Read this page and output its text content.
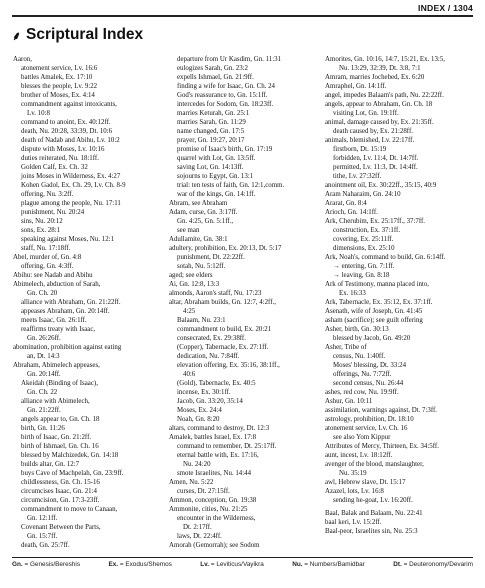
INDEX / 1304
⸙ Scriptural Index
Aaron,
atonement service, Lv. 16:6
battles Amalek, Ex. 17:10
blesses the people, Lv. 9:22
brother of Moses, Ex. 4:14
commandment against intoxicants,
Lv. 10:8
command to anoint, Ex. 40:12ff.
death, Nu. 20:28, 33:39, Dt. 10:6
death of Nadab and Abihu, Lv. 10:2
dispute with Moses, Lv. 10:16
duties reiterated, Nu. 18:1ff.
Golden Calf, Ex. Ch. 32
joins Moses in Wilderness, Ex. 4:27
Kohen Gadol, Ex. Ch. 29, Lv. Ch. 8-9
offering, Nu. 3:2ff.
plague among the people, Nu. 17:11
punishment, Nu. 20:24
sins, Nu. 20:12
sons, Ex. 28:1
speaking against Moses, Nu. 12:1
staff, Nu. 17:18ff.
Abel, murder of, Gn. 4:8
offering, Gn. 4:3ff.
Abihu: see Nadab and Abihu
Abimelech, abduction of Sarah,
Gn. Ch. 20
alliance with Abraham, Gn. 21:22ff.
appeases Abraham, Gn. 20:14ff.
meets Isaac, Gn. 26:1ff.
reaffirms treaty with Isaac,
Gn. 26:26ff.
abomination, prohibition against eating
an, Dt. 14:3
Abraham, Abimelech appeases,
Gn. 20:14ff.
Akeidah (Binding of Isaac),
Gn. Ch. 22
alliance with Abimelech,
Gn. 21:22ff.
angels appear to, Gn. Ch. 18
birth, Gn. 11:26
birth of Isaac, Gn. 21:2ff.
birth of Ishmael, Gn. Ch. 16
blessed by Malchizedek, Gn. 14:18
builds altar, Gn. 12:7
buys Cave of Machpelah, Gn. 23:9ff.
childlessness, Gn. Ch. 15-16
circumcises Isaac, Gn. 21:4
circumcision, Gn. 17:3-23ff.
commandment to move to Canaan,
Gn. 12:1ff.
Covenant Between the Parts,
Gn. 15:7ff.
death, Gn. 25:7ff.
departure from Ur Kasdim, Gn. 11:31
eulogizes Sarah, Gn. 23:2
expells Ishmael, Gn. 21:9ff.
finding a wife for Isaac, Gn. Ch. 24
God's reassurance to, Gn. 15:1ff.
intercedes for Sodom, Gn. 18:23ff.
marries Keturah, Gn. 25:1
marries Sarah, Gn. 11:29
name changed, Gn. 17:5
prayer, Gn. 19:27, 20:17
promise of Isaac's birth, Gn. 17:19
quarrel with Lot, Gn. 13:5ff.
saving Lot, Gn. 14:13ff.
sojourns to Egypt, Gn. 13:1
trial: ten tests of faith, Gn. 12:1,comm.
war of the kings, Gn. 14:1ff.
Abram, see Abraham
Adam, curse, Gn. 3:17ff.
Gn. 4:25, Gn. 5:1ff.,
see man
Adullamite, Gn. 38:1
adultery, prohibition, Ex. 20:13, Dt. 5:17
punishment, Dt. 22:22ff.
sotah, Nu. 5:12ff.
aged; see elders
Ai, Gn. 12:8, 13:3
almonds, Aaron's staff, Nu. 17:23
altar, Abraham builds, Gn. 12:7, 4:2ff.,
4:25
Balaam, Nu. 23:1
commandment to build, Ex. 20:21
consecrated, Ex. 29:38ff.
(Copper), Tabernacle, Ex. 27:1ff.
dedication, Nu. 7:84ff.
elevation offering, Ex. 35:16, 38:1ff.,
40:6
(Gold), Tabernacle, Ex. 40:5
incense, Ex. 30:1ff.
Jacob, Gn. 33:20, 35:14
Moses, Ex. 24:4
Noah, Gn. 8:20
altars, command to destroy, Dt. 12:3
Amalek, battles Israel, Ex. 17:8
command to remember, Dt. 25:17ff.
eternal battle with, Ex. 17:16,
Nu. 24:20
smote Israelites, Nu. 14:44
Amen, Nu. 5:22
curses, Dt. 27:15ff.
Ammon, conception, Gn. 19:38
Ammonite, cities, Nu. 21:25
encounter in the Wilderness,
Dt. 2:17ff.
laws, Dt. 22:4ff.
Amorah (Gemorrah); see Sodom
Amorites, Gn. 10:16, 14:7, 15:21, Ex. 13:5,
Nu. 13:29, 32:39, Dt. 3:8, 7:1
Amram, marries Jochebed, Ex. 6:20
Amraphel, Gn. 14:1ff.
angel, impedes Balaam's path, Nu. 22:22ff.
angels, appear to Abraham, Gn. Ch. 18
visiting Lot, Gn. 19:1ff.
animal, damage caused by, Ex. 21:35ff.
death caused by, Ex. 21:28ff.
animals, blemished, Lv. 22:17ff.
firstborn, Dt. 15:19
forbidden, Lv. 11:4, Dt. 14:7ff.
permitted, Lv. 11:3, Dt. 14:4ff.
tithe, Lv. 27:32ff.
anointment oil, Ex. 30:22ff., 35:15, 40:9
Aram Naharaim, Gn. 24:10
Ararat, Gn. 8:4
Arioch, Gn. 14:1ff.
Ark, Cherubim, Ex. 25:17ff., 37:7ff.
construction, Ex. 37:1ff.
covering, Ex. 25:11ff.
dimensions, Ex. 25:10
Ark, Noah's, command to build, Gn. 6:14ff.
→ entering, Gn. 7:1ff.
→ leaving, Gn. 8:18
Ark of Testimony, manna placed into,
Ex. 16:33
Ark, Tabernacle, Ex. 35:12, Ex. 37:1ff.
Asenath, wife of Joseph, Gn. 41:45
asham (sacrifice); see guilt offering
Asher, birth, Gn. 30:13
blessed by Jacob, Gn. 49:20
Asher, Tribe of
census, Nu. 1:40ff.
Moses' blessing, Dt. 33:24
offerings, Nu. 7:72ff.
second census, Nu. 26:44
ashes, red cow, Nu. 19:9ff.
Ashur, Gn. 10:11
assimilation, warnings against, Dt. 7:3ff.
astrology, prohibition, Dt. 18:10
atonement service, Lv. Ch. 16
see also Yom Kippur
Attributes of Mercy, Thirteen, Ex. 34:5ff.
aunt, incest, Lv. 18:12ff.
avenger of the blood, manslaughter,
Nu. 35:19
awl, Hebrew slave, Dt. 15:17
Azazel, lots, Lv. 16:8
sending he-goat, Lv. 16:20ff.
Baal, Balak and Balaam, Nu. 22:41
baal keri, Lv. 15:2ff.
Baal-peor, Israelites sin, Nu. 25:3
Gn. = Genesis/Bereshis	Ex. = Exodus/Shemos	Lv. = Leviticus/Vayikra	Nu. = Numbers/Bamidbar	Dt. = Deuteronomy/Devarim
